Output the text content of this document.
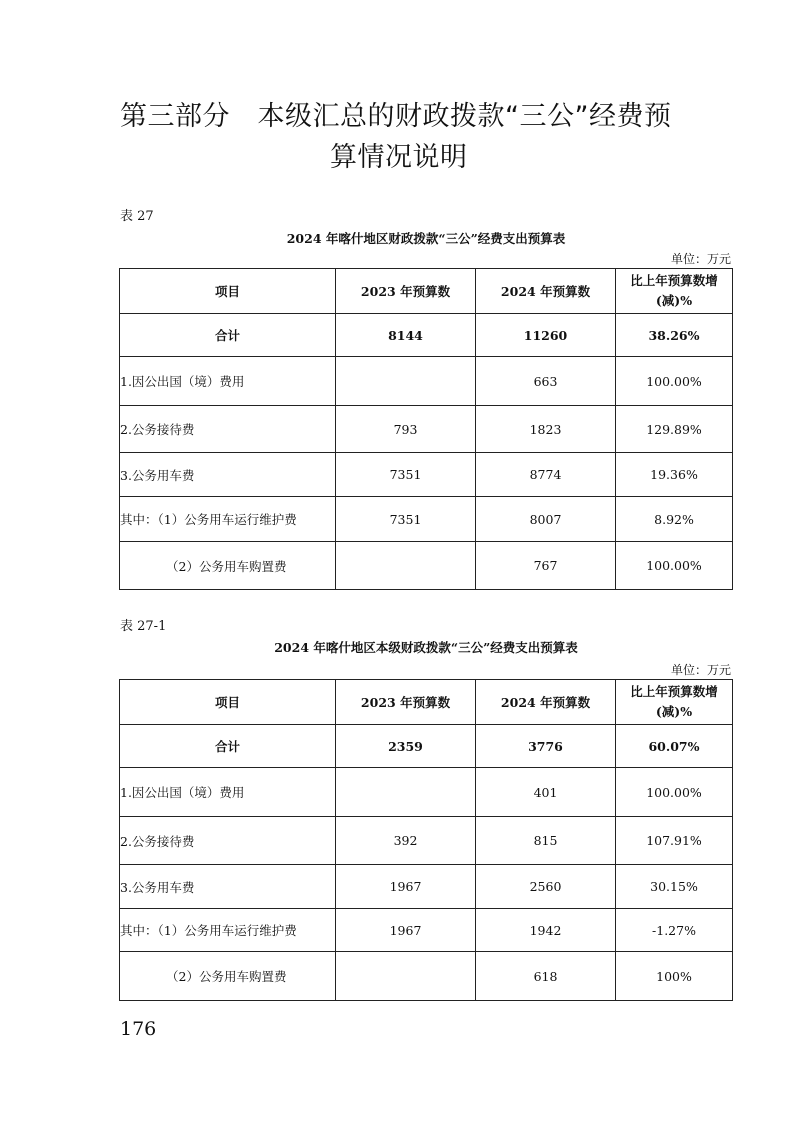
第三部分　本级汇总的财政拨款“三公”经费预
算情况说明
表 27
2024 年喀什地区财政拨款“三公”经费支出预算表
单位：万元
项目	2023 年预算数	2024 年预算数	比上年预算数增(减)%
合计	8144	11260	38.26%
1.因公出国（境）费用		663	100.00%
2.公务接待费	793	1823	129.89%
3.公务用车费	7351	8774	19.36%
其中：（1）公务用车运行维护费	7351	8007	8.92%
（2）公务用车购置费		767	100.00%
表 27-1
2024 年喀什地区本级财政拨款“三公”经费支出预算表
单位：万元
项目	2023 年预算数	2024 年预算数	比上年预算数增(减)%
合计	2359	3776	60.07%
1.因公出国（境）费用		401	100.00%
2.公务接待费	392	815	107.91%
3.公务用车费	1967	2560	30.15%
其中：（1）公务用车运行维护费	1967	1942	-1.27%
（2）公务用车购置费		618	100%
176
